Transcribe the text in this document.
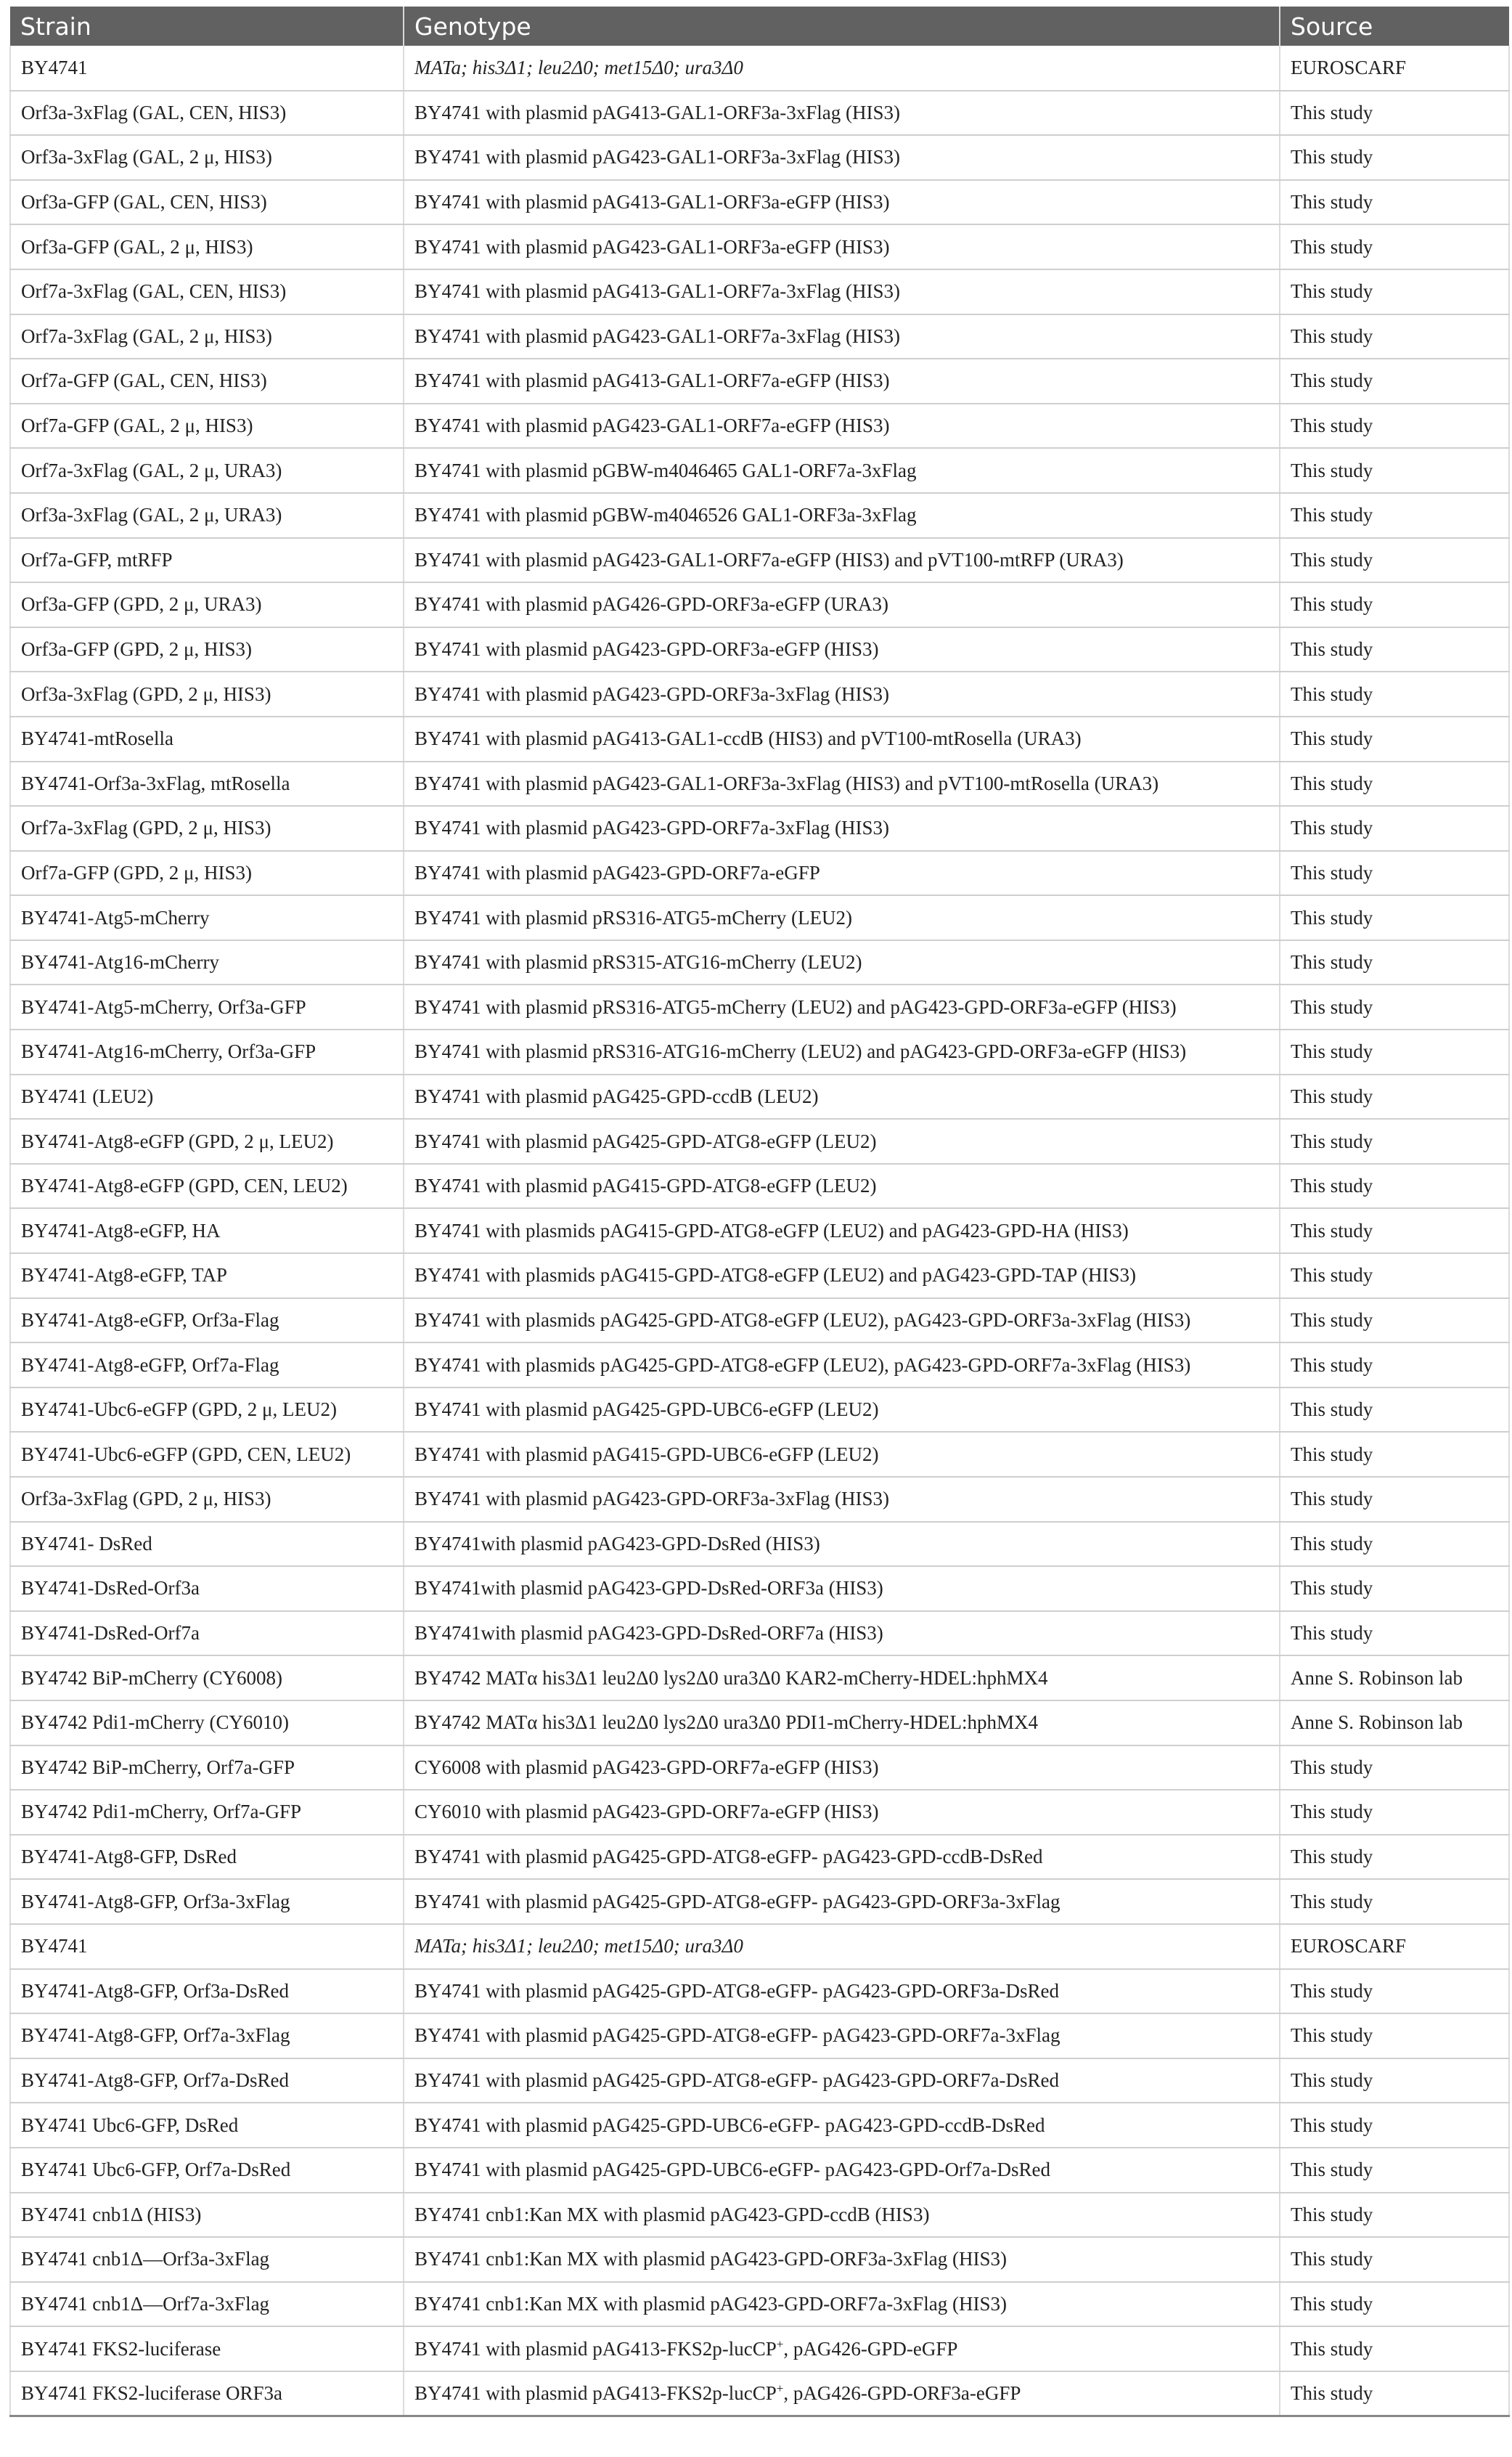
Strain	Genotype	Source
BY4741	MATa; his3Δ1; leu2Δ0; met15Δ0; ura3Δ0	EUROSCARF
Orf3a-3xFlag (GAL, CEN, HIS3)	BY4741 with plasmid pAG413-GAL1-ORF3a-3xFlag (HIS3)	This study
Orf3a-3xFlag (GAL, 2 μ, HIS3)	BY4741 with plasmid pAG423-GAL1-ORF3a-3xFlag (HIS3)	This study
Orf3a-GFP (GAL, CEN, HIS3)	BY4741 with plasmid pAG413-GAL1-ORF3a-eGFP (HIS3)	This study
Orf3a-GFP (GAL, 2 μ, HIS3)	BY4741 with plasmid pAG423-GAL1-ORF3a-eGFP (HIS3)	This study
Orf7a-3xFlag (GAL, CEN, HIS3)	BY4741 with plasmid pAG413-GAL1-ORF7a-3xFlag (HIS3)	This study
Orf7a-3xFlag (GAL, 2 μ, HIS3)	BY4741 with plasmid pAG423-GAL1-ORF7a-3xFlag (HIS3)	This study
Orf7a-GFP (GAL, CEN, HIS3)	BY4741 with plasmid pAG413-GAL1-ORF7a-eGFP (HIS3)	This study
Orf7a-GFP (GAL, 2 μ, HIS3)	BY4741 with plasmid pAG423-GAL1-ORF7a-eGFP (HIS3)	This study
Orf7a-3xFlag (GAL, 2 μ, URA3)	BY4741 with plasmid pGBW-m4046465 GAL1-ORF7a-3xFlag	This study
Orf3a-3xFlag (GAL, 2 μ, URA3)	BY4741 with plasmid pGBW-m4046526 GAL1-ORF3a-3xFlag	This study
Orf7a-GFP, mtRFP	BY4741 with plasmid pAG423-GAL1-ORF7a-eGFP (HIS3) and pVT100-mtRFP (URA3)	This study
Orf3a-GFP (GPD, 2 μ, URA3)	BY4741 with plasmid pAG426-GPD-ORF3a-eGFP (URA3)	This study
Orf3a-GFP (GPD, 2 μ, HIS3)	BY4741 with plasmid pAG423-GPD-ORF3a-eGFP (HIS3)	This study
Orf3a-3xFlag (GPD, 2 μ, HIS3)	BY4741 with plasmid pAG423-GPD-ORF3a-3xFlag (HIS3)	This study
BY4741-mtRosella	BY4741 with plasmid pAG413-GAL1-ccdB (HIS3) and pVT100-mtRosella (URA3)	This study
BY4741-Orf3a-3xFlag, mtRosella	BY4741 with plasmid pAG423-GAL1-ORF3a-3xFlag (HIS3) and pVT100-mtRosella (URA3)	This study
Orf7a-3xFlag (GPD, 2 μ, HIS3)	BY4741 with plasmid pAG423-GPD-ORF7a-3xFlag (HIS3)	This study
Orf7a-GFP (GPD, 2 μ, HIS3)	BY4741 with plasmid pAG423-GPD-ORF7a-eGFP	This study
BY4741-Atg5-mCherry	BY4741 with plasmid pRS316-ATG5-mCherry (LEU2)	This study
BY4741-Atg16-mCherry	BY4741 with plasmid pRS315-ATG16-mCherry (LEU2)	This study
BY4741-Atg5-mCherry, Orf3a-GFP	BY4741 with plasmid pRS316-ATG5-mCherry (LEU2) and pAG423-GPD-ORF3a-eGFP (HIS3)	This study
BY4741-Atg16-mCherry, Orf3a-GFP	BY4741 with plasmid pRS316-ATG16-mCherry (LEU2) and pAG423-GPD-ORF3a-eGFP (HIS3)	This study
BY4741 (LEU2)	BY4741 with plasmid pAG425-GPD-ccdB (LEU2)	This study
BY4741-Atg8-eGFP (GPD, 2 μ, LEU2)	BY4741 with plasmid pAG425-GPD-ATG8-eGFP (LEU2)	This study
BY4741-Atg8-eGFP (GPD, CEN, LEU2)	BY4741 with plasmid pAG415-GPD-ATG8-eGFP (LEU2)	This study
BY4741-Atg8-eGFP, HA	BY4741 with plasmids pAG415-GPD-ATG8-eGFP (LEU2) and pAG423-GPD-HA (HIS3)	This study
BY4741-Atg8-eGFP, TAP	BY4741 with plasmids pAG415-GPD-ATG8-eGFP (LEU2) and pAG423-GPD-TAP (HIS3)	This study
BY4741-Atg8-eGFP, Orf3a-Flag	BY4741 with plasmids pAG425-GPD-ATG8-eGFP (LEU2), pAG423-GPD-ORF3a-3xFlag (HIS3)	This study
BY4741-Atg8-eGFP, Orf7a-Flag	BY4741 with plasmids pAG425-GPD-ATG8-eGFP (LEU2), pAG423-GPD-ORF7a-3xFlag (HIS3)	This study
BY4741-Ubc6-eGFP (GPD, 2 μ, LEU2)	BY4741 with plasmid pAG425-GPD-UBC6-eGFP (LEU2)	This study
BY4741-Ubc6-eGFP (GPD, CEN, LEU2)	BY4741 with plasmid pAG415-GPD-UBC6-eGFP (LEU2)	This study
Orf3a-3xFlag (GPD, 2 μ, HIS3)	BY4741 with plasmid pAG423-GPD-ORF3a-3xFlag (HIS3)	This study
BY4741- DsRed	BY4741with plasmid pAG423-GPD-DsRed (HIS3)	This study
BY4741-DsRed-Orf3a	BY4741with plasmid pAG423-GPD-DsRed-ORF3a (HIS3)	This study
BY4741-DsRed-Orf7a	BY4741with plasmid pAG423-GPD-DsRed-ORF7a (HIS3)	This study
BY4742 BiP-mCherry (CY6008)	BY4742 MATα his3Δ1 leu2Δ0 lys2Δ0 ura3Δ0 KAR2-mCherry-HDEL:hphMX4	Anne S. Robinson lab
BY4742 Pdi1-mCherry (CY6010)	BY4742 MATα his3Δ1 leu2Δ0 lys2Δ0 ura3Δ0 PDI1-mCherry-HDEL:hphMX4	Anne S. Robinson lab
BY4742 BiP-mCherry, Orf7a-GFP	CY6008 with plasmid pAG423-GPD-ORF7a-eGFP (HIS3)	This study
BY4742 Pdi1-mCherry, Orf7a-GFP	CY6010 with plasmid pAG423-GPD-ORF7a-eGFP (HIS3)	This study
BY4741-Atg8-GFP, DsRed	BY4741 with plasmid pAG425-GPD-ATG8-eGFP- pAG423-GPD-ccdB-DsRed	This study
BY4741-Atg8-GFP, Orf3a-3xFlag	BY4741 with plasmid pAG425-GPD-ATG8-eGFP- pAG423-GPD-ORF3a-3xFlag	This study
BY4741	MATa; his3Δ1; leu2Δ0; met15Δ0; ura3Δ0	EUROSCARF
BY4741-Atg8-GFP, Orf3a-DsRed	BY4741 with plasmid pAG425-GPD-ATG8-eGFP- pAG423-GPD-ORF3a-DsRed	This study
BY4741-Atg8-GFP, Orf7a-3xFlag	BY4741 with plasmid pAG425-GPD-ATG8-eGFP- pAG423-GPD-ORF7a-3xFlag	This study
BY4741-Atg8-GFP, Orf7a-DsRed	BY4741 with plasmid pAG425-GPD-ATG8-eGFP- pAG423-GPD-ORF7a-DsRed	This study
BY4741 Ubc6-GFP, DsRed	BY4741 with plasmid pAG425-GPD-UBC6-eGFP- pAG423-GPD-ccdB-DsRed	This study
BY4741 Ubc6-GFP, Orf7a-DsRed	BY4741 with plasmid pAG425-GPD-UBC6-eGFP- pAG423-GPD-Orf7a-DsRed	This study
BY4741 cnb1Δ (HIS3)	BY4741 cnb1:Kan MX with plasmid pAG423-GPD-ccdB (HIS3)	This study
BY4741 cnb1Δ—Orf3a-3xFlag	BY4741 cnb1:Kan MX with plasmid pAG423-GPD-ORF3a-3xFlag (HIS3)	This study
BY4741 cnb1Δ—Orf7a-3xFlag	BY4741 cnb1:Kan MX with plasmid pAG423-GPD-ORF7a-3xFlag (HIS3)	This study
BY4741 FKS2-luciferase	BY4741 with plasmid pAG413-FKS2p-lucCP+, pAG426-GPD-eGFP	This study
BY4741 FKS2-luciferase ORF3a	BY4741 with plasmid pAG413-FKS2p-lucCP+, pAG426-GPD-ORF3a-eGFP	This study
